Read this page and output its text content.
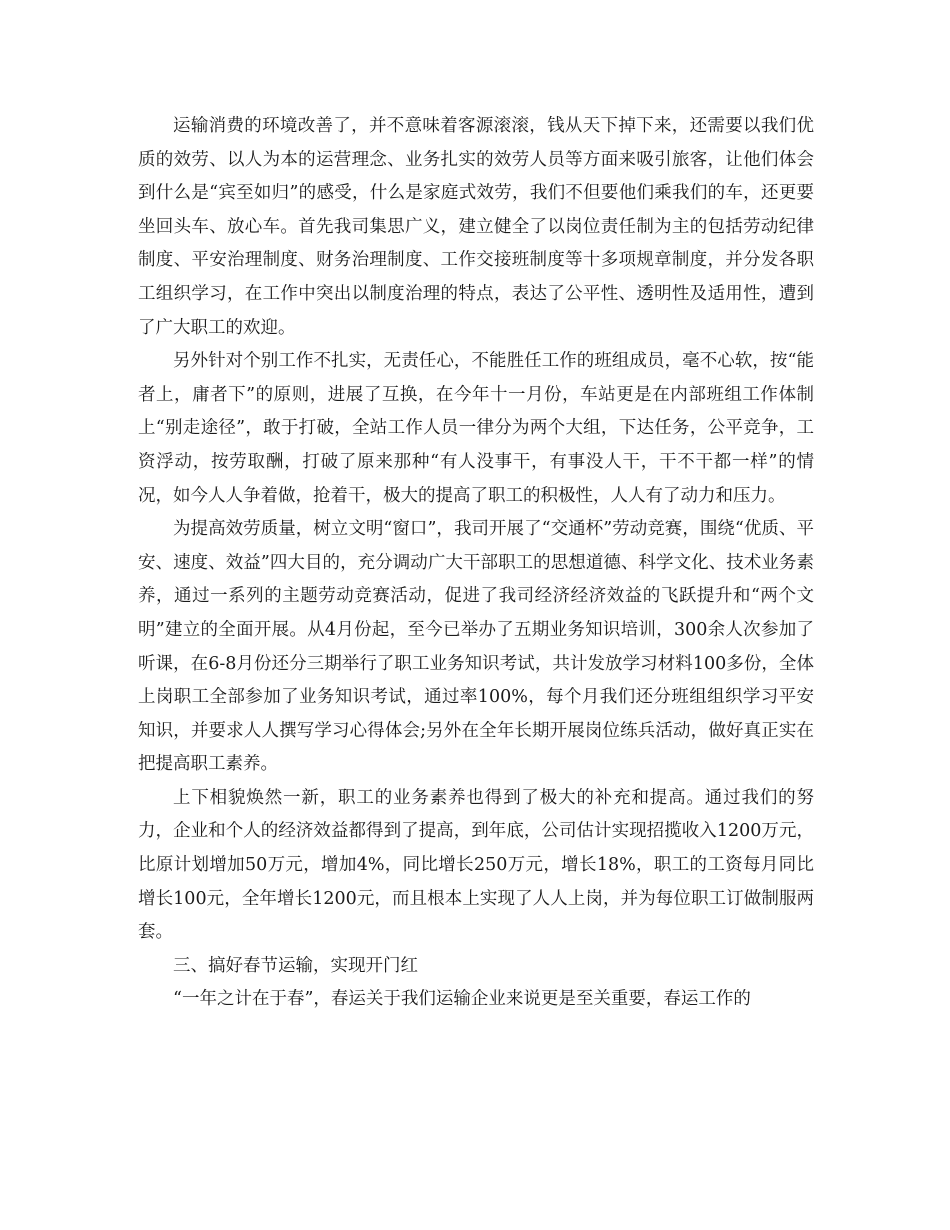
运输消费的环境改善了，并不意味着客源滚滚，钱从天下掉下来，还需要以我们优质的效劳、以人为本的运营理念、业务扎实的效劳人员等方面来吸引旅客，让他们体会到什么是“宾至如归”的感受，什么是家庭式效劳，我们不但要他们乘我们的车，还更要坐回头车、放心车。首先我司集思广义，建立健全了以岗位责任制为主的包括劳动纪律制度、平安治理制度、财务治理制度、工作交接班制度等十多项规章制度，并分发各职工组织学习，在工作中突出以制度治理的特点，表达了公平性、透明性及适用性，遭到了广大职工的欢迎。

另外针对个别工作不扎实，无责任心，不能胜任工作的班组成员，毫不心软，按“能者上，庸者下”的原则，进展了互换，在今年十一月份，车站更是在内部班组工作体制上“别走途径”，敢于打破，全站工作人员一律分为两个大组，下达任务，公平竞争，工资浮动，按劳取酬，打破了原来那种“有人没事干，有事没人干，干不干都一样”的情况，如今人人争着做，抢着干，极大的提高了职工的积极性，人人有了动力和压力。

为提高效劳质量，树立文明“窗口”，我司开展了“交通杯”劳动竞赛，围绕“优质、平安、速度、效益”四大目的，充分调动广大干部职工的思想道德、科学文化、技术业务素养，通过一系列的主题劳动竞赛活动，促进了我司经济经济效益的飞跃提升和“两个文明”建立的全面开展。从4月份起，至今已举办了五期业务知识培训，300余人次参加了听课，在6-8月份还分三期举行了职工业务知识考试，共计发放学习材料100多份，全体上岗职工全部参加了业务知识考试，通过率100%，每个月我们还分班组组织学习平安知识，并要求人人撰写学习心得体会;另外在全年长期开展岗位练兵活动，做好真正实在把提高职工素养。

上下相貌焕然一新，职工的业务素养也得到了极大的补充和提高。通过我们的努力，企业和个人的经济效益都得到了提高，到年底，公司估计实现招揽收入1200万元，比原计划增加50万元，增加4%，同比增长250万元，增长18%，职工的工资每月同比增长100元，全年增长1200元，而且根本上实现了人人上岗，并为每位职工订做制服两套。

三、搞好春节运输，实现开门红

“一年之计在于春”，春运关于我们运输企业来说更是至关重要，春运工作的
